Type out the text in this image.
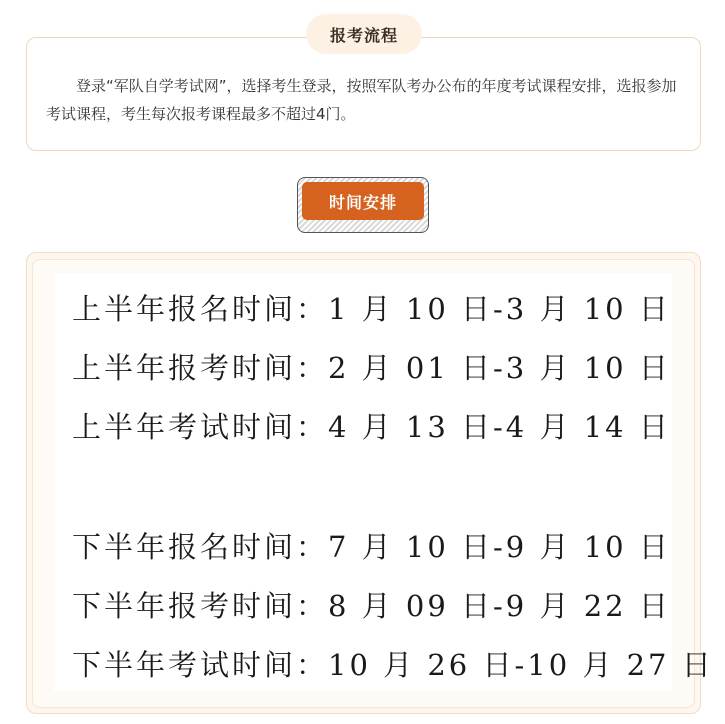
报考流程
登录“军队自学考试网”，选择考生登录，按照军队考办公布的年度考试课程安排，选报参加考试课程，考生每次报考课程最多不超过4门。
时间安排
上半年报名时间：1 月 10 日-3 月 10 日
上半年报考时间：2 月 01 日-3 月 10 日
上半年考试时间：4 月 13 日-4 月 14 日
下半年报名时间：7 月 10 日-9 月 10 日
下半年报考时间：8 月 09 日-9 月 22 日
下半年考试时间：10 月 26 日-10 月 27 日
